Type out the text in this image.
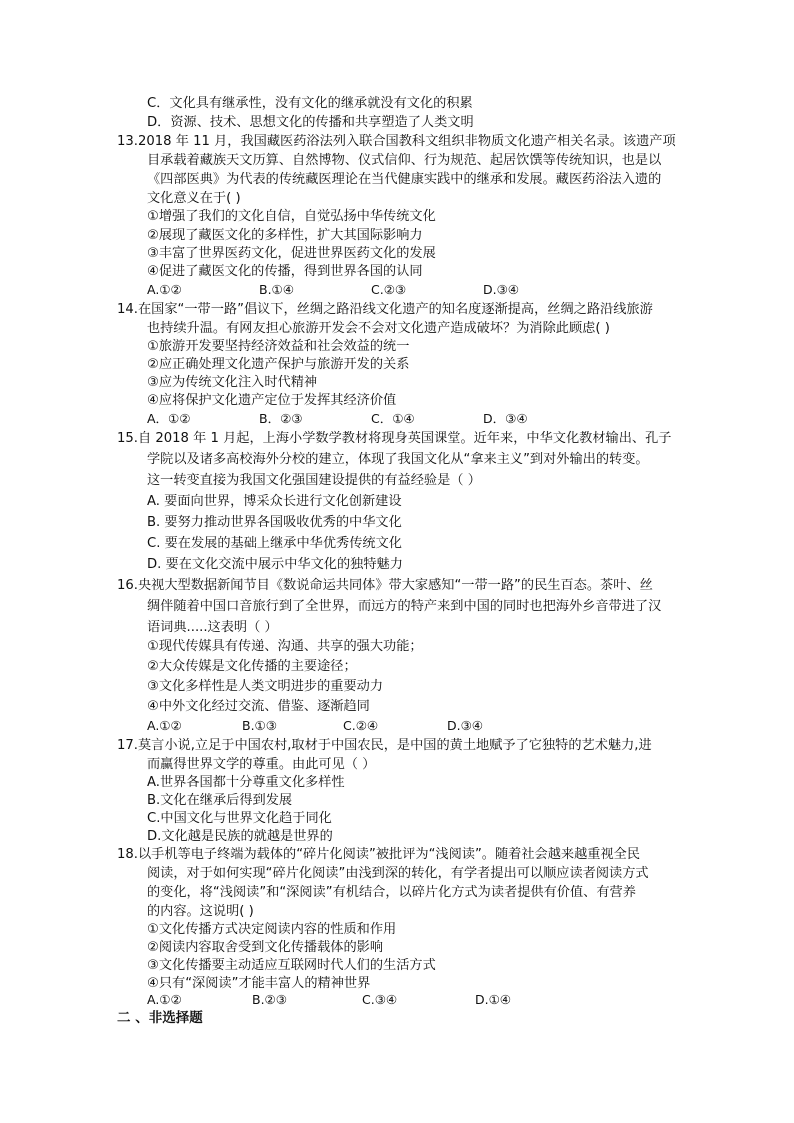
C．文化具有继承性，没有文化的继承就没有文化的积累
D．资源、技术、思想文化的传播和共享塑造了人类文明
13.2018 年 11 月，我国藏医药浴法列入联合国教科文组织非物质文化遗产相关名录。该遗产项
目承载着藏族天文历算、自然博物、仪式信仰、行为规范、起居饮馔等传统知识，也是以
《四部医典》为代表的传统藏医理论在当代健康实践中的继承和发展。藏医药浴法入遗的
文化意义在于( )
①增强了我们的文化自信，自觉弘扬中华传统文化
②展现了藏医文化的多样性，扩大其国际影响力
③丰富了世界医药文化，促进世界医药文化的发展
④促进了藏医文化的传播，得到世界各国的认同
A.①②	B.①④	C.②③	D.③④
14.在国家“一带一路”倡议下，丝绸之路沿线文化遗产的知名度逐渐提高，丝绸之路沿线旅游
也持续升温。有网友担心旅游开发会不会对文化遗产造成破坏？为消除此顾虑( )
①旅游开发要坚持经济效益和社会效益的统一
②应正确处理文化遗产保护与旅游开发的关系
③应为传统文化注入时代精神
④应将保护文化遗产定位于发挥其经济价值
A．①②	B．②③	C．①④	D．③④
15.自 2018 年 1 月起，上海小学数学教材将现身英国课堂。近年来，中华文化教材输出、孔子
学院以及诸多高校海外分校的建立，体现了我国文化从“拿来主义”到对外输出的转变。
这一转变直接为我国文化强国建设提供的有益经验是（ ）
A. 要面向世界，博采众长进行文化创新建设
B. 要努力推动世界各国吸收优秀的中华文化
C. 要在发展的基础上继承中华优秀传统文化
D. 要在文化交流中展示中华文化的独特魅力
16.央视大型数据新闻节目《数说命运共同体》带大家感知“一带一路”的民生百态。茶叶、丝
绸伴随着中国口音旅行到了全世界，而远方的特产来到中国的同时也把海外乡音带进了汉
语词典.....这表明（ ）
①现代传媒具有传递、沟通、共享的强大功能；
②大众传媒是文化传播的主要途径；
③文化多样性是人类文明进步的重要动力
④中外文化经过交流、借鉴、逐渐趋同
A.①②	B.①③	C.②④	D.③④
17.莫言小说,立足于中国农村,取材于中国农民，是中国的黄土地赋予了它独特的艺术魅力,进
而赢得世界文学的尊重。由此可见（ ）
A.世界各国都十分尊重文化多样性
B.文化在继承后得到发展
C.中国文化与世界文化趋于同化
D.文化越是民族的就越是世界的
18.以手机等电子终端为载体的“碎片化阅读”被批评为“浅阅读”。随着社会越来越重视全民
阅读，对于如何实现“碎片化阅读”由浅到深的转化，有学者提出可以顺应读者阅读方式
的变化，将“浅阅读”和“深阅读”有机结合，以碎片化方式为读者提供有价值、有营养
的内容。这说明( )
①文化传播方式决定阅读内容的性质和作用
②阅读内容取舍受到文化传播载体的影响
③文化传播要主动适应互联网时代人们的生活方式
④只有“深阅读”才能丰富人的精神世界
A.①②	B.②③	C.③④	D.①④
二 、非选择题
